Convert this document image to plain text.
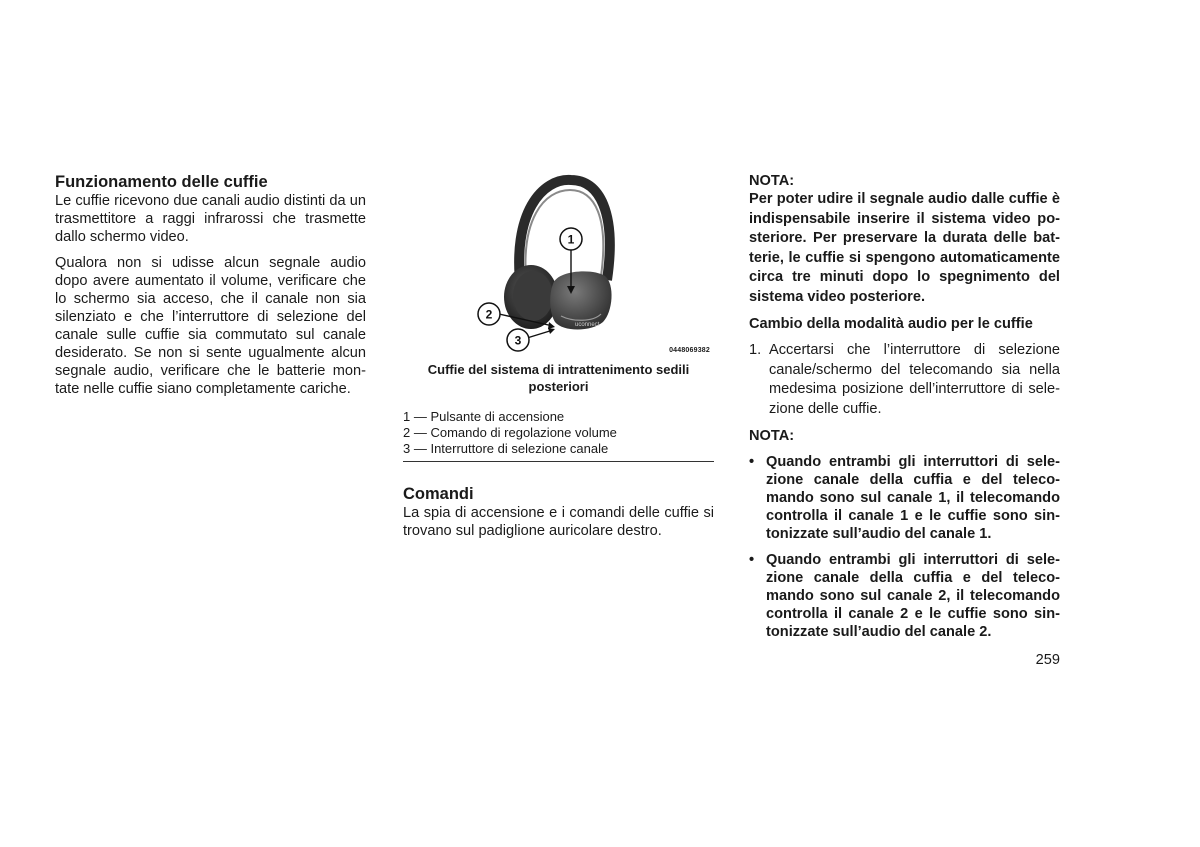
Funzionamento delle cuffie

Le cuffie ricevono due canali audio distinti da un trasmettitore a raggi infrarossi che trasmette dallo schermo video.

Qualora non si udisse alcun segnale audio dopo avere aumentato il volume, verificare che lo schermo sia acceso, che il canale non sia silenziato e che l’interruttore di selezione del canale sulle cuffie sia commutato sul canale desiderato. Se non si sente ugualmente alcun segnale audio, verificare che le batterie mon-tate nelle cuffie siano completamente cariche.

uconnect
1
2
3
0448069382
Cuffie del sistema di intrattenimento sedili posteriori
1 — Pulsante di accensione
2 — Comando di regolazione volume
3 — Interruttore di selezione canale
Comandi

La spia di accensione e i comandi delle cuffie si trovano sul padiglione auricolare destro.

NOTA:

Per poter udire il segnale audio dalle cuffie è indispensabile inserire il sistema video po-steriore. Per preservare la durata delle bat-terie, le cuffie si spengono automaticamente circa tre minuti dopo lo spegnimento del sistema video posteriore.

Cambio della modalità audio per le cuffie

1. Accertarsi che l’interruttore di selezione canale/schermo del telecomando sia nella medesima posizione dell’interruttore di sele-zione delle cuffie.

NOTA:

• Quando entrambi gli interruttori di sele-zione canale della cuffia e del teleco-mando sono sul canale 1, il telecomando controlla il canale 1 e le cuffie sono sin-tonizzate sull’audio del canale 1.
• Quando entrambi gli interruttori di sele-zione canale della cuffia e del teleco-mando sono sul canale 2, il telecomando controlla il canale 2 e le cuffie sono sin-tonizzate sull’audio del canale 2.
259
